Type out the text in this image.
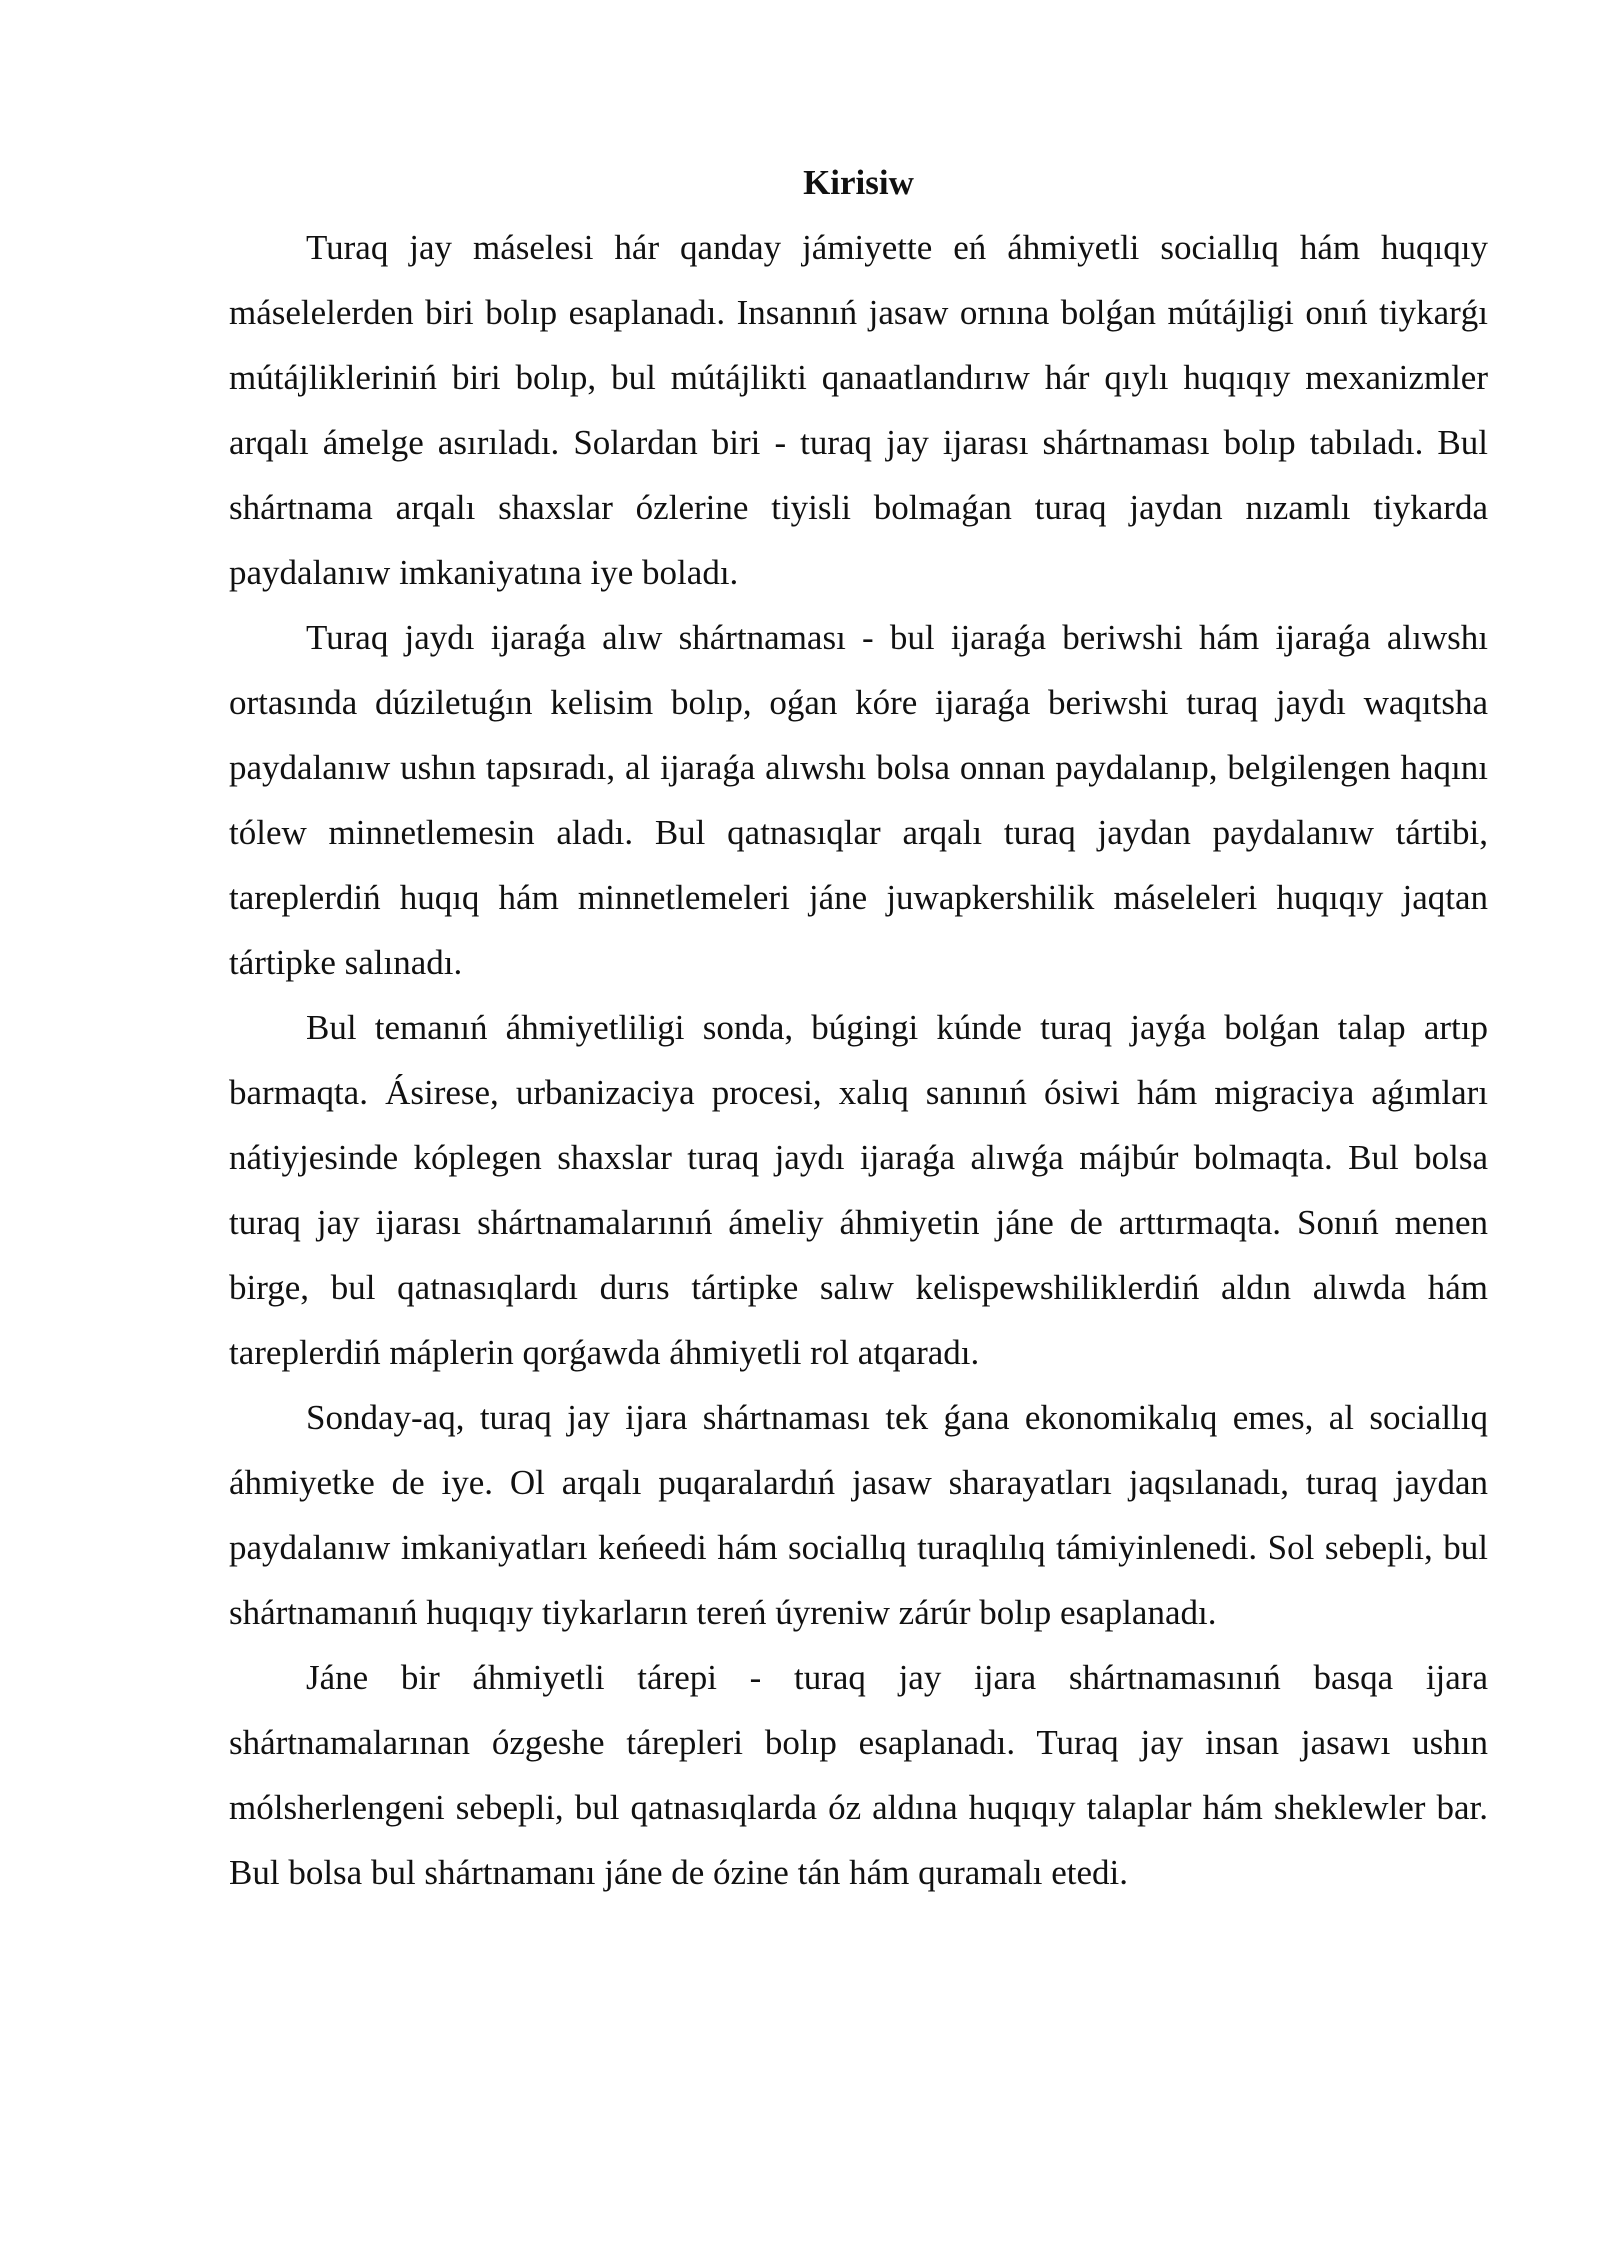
Kirisiw

Turaq jay máselesi hár qanday jámiyette eń áhmiyetli sociallıq hám huqıqıy máselelerden biri bolıp esaplanadı. Insannıń jasaw ornına bolǵan mútájligi onıń tiykarǵı mútájlikleriniń biri bolıp, bul mútájlikti qanaatlandırıw hár qıylı huqıqıy mexanizmler arqalı ámelge asırıladı. Solardan biri - turaq jay ijarası shártnaması bolıp tabıladı. Bul shártnama arqalı shaxslar ózlerine tiyisli bolmaǵan turaq jaydan nızamlı tiykarda paydalanıw imkaniyatına iye boladı.

Turaq jaydı ijaraǵa alıw shártnaması - bul ijaraǵa beriwshi hám ijaraǵa alıwshı ortasında dúziletuǵın kelisim bolıp, oǵan kóre ijaraǵa beriwshi turaq jaydı waqıtsha paydalanıw ushın tapsıradı, al ijaraǵa alıwshı bolsa onnan paydalanıp, belgilengen haqını tólew minnetlemesin aladı. Bul qatnasıqlar arqalı turaq jaydan paydalanıw tártibi, tareplerdiń huqıq hám minnetlemeleri jáne juwapkershilik máseleleri huqıqıy jaqtan tártipke salınadı.

Bul temanıń áhmiyetliligi sonda, búgingi kúnde turaq jayǵa bolǵan talap artıp barmaqta. Ásirese, urbanizaciya procesi, xalıq sanınıń ósiwi hám migraciya aǵımları nátiyjesinde kóplegen shaxslar turaq jaydı ijaraǵa alıwǵa májbúr bolmaqta. Bul bolsa turaq jay ijarası shártnamalarınıń ámeliy áhmiyetin jáne de arttırmaqta. Sonıń menen birge, bul qatnasıqlardı durıs tártipke salıw kelispewshiliklerdiń aldın alıwda hám tareplerdiń máplerin qorǵawda áhmiyetli rol atqaradı.

Sonday-aq, turaq jay ijara shártnaması tek ǵana ekonomikalıq emes, al sociallıq áhmiyetke de iye. Ol arqalı puqaralardıń jasaw sharayatları jaqsılanadı, turaq jaydan paydalanıw imkaniyatları keńeedi hám sociallıq turaqlılıq támiyinlenedi. Sol sebepli, bul shártnamanıń huqıqıy tiykarların tereń úyreniw zárúr bolıp esaplanadı.

Jáne bir áhmiyetli tárepi - turaq jay ijara shártnamasınıń basqa ijara shártnamalarınan ózgeshe tárepleri bolıp esaplanadı. Turaq jay insan jasawı ushın mólsherlengeni sebepli, bul qatnasıqlarda óz aldına huqıqıy talaplar hám sheklewler bar. Bul bolsa bul shártnamanı jáne de ózine tán hám quramalı etedi.
